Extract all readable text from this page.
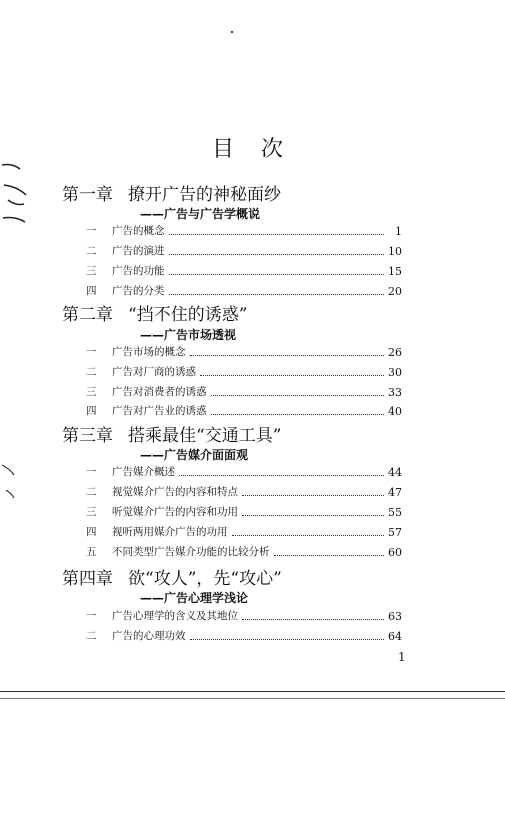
目 次
第一章 撩开广告的神秘面纱
——广告与广告学概说
一	广告的概念	1
二	广告的演进	10
三	广告的功能	15
四	广告的分类	20
第二章 “挡不住的诱惑”
——广告市场透视
一	广告市场的概念	26
二	广告对厂商的诱惑	30
三	广告对消费者的诱惑	33
四	广告对广告业的诱惑	40
第三章 搭乘最佳“交通工具”
——广告媒介面面观
一	广告媒介概述	44
二	视觉媒介广告的内容和特点	47
三	听觉媒介广告的内容和功用	55
四	视听两用媒介广告的功用	57
五	不同类型广告媒介功能的比较分析	60
第四章 欲“攻人”，先“攻心”
——广告心理学浅论
一	广告心理学的含义及其地位	63
二	广告的心理功效	64
1
